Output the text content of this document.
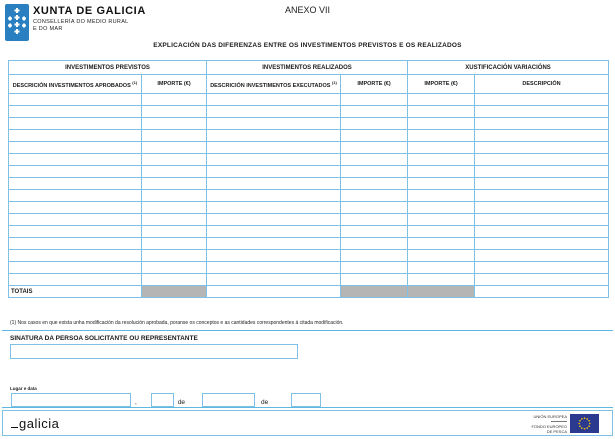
XUNTA DE GALICIA
CONSELLERÍA DO MEDIO RURAL
E DO MAR
ANEXO VII
EXPLICACIÓN DAS DIFERENZAS ENTRE OS INVESTIMENTOS PREVISTOS E OS REALIZADOS
INVESTIMENTOS PREVISTOS		INVESTIMENTOS REALIZADOS		XUSTIFICACIÓN VARIACIÓNS	
DESCRICIÓN INVESTIMENTOS APROBADOS $^{(1)}$	IMPORTE (€)	DESCRICIÓN INVESTIMENTOS EXECUTADOS $^{(1)}$	IMPORTE (€)	IMPORTE (€)	DESCRIPCIÓN

TOTAIS					
(1) Nos casos en que exista unha modificación da resolución aprobada, poranse os conceptos e as cantidades correspondentes á citada modificación.
SINATURA DA PERSOA SOLICITANTE OU REPRESENTANTE
Lugar e data
,	de	de
galicia	UNIÓN EUROPEA
FONDO EUROPEO
DE PESCA
